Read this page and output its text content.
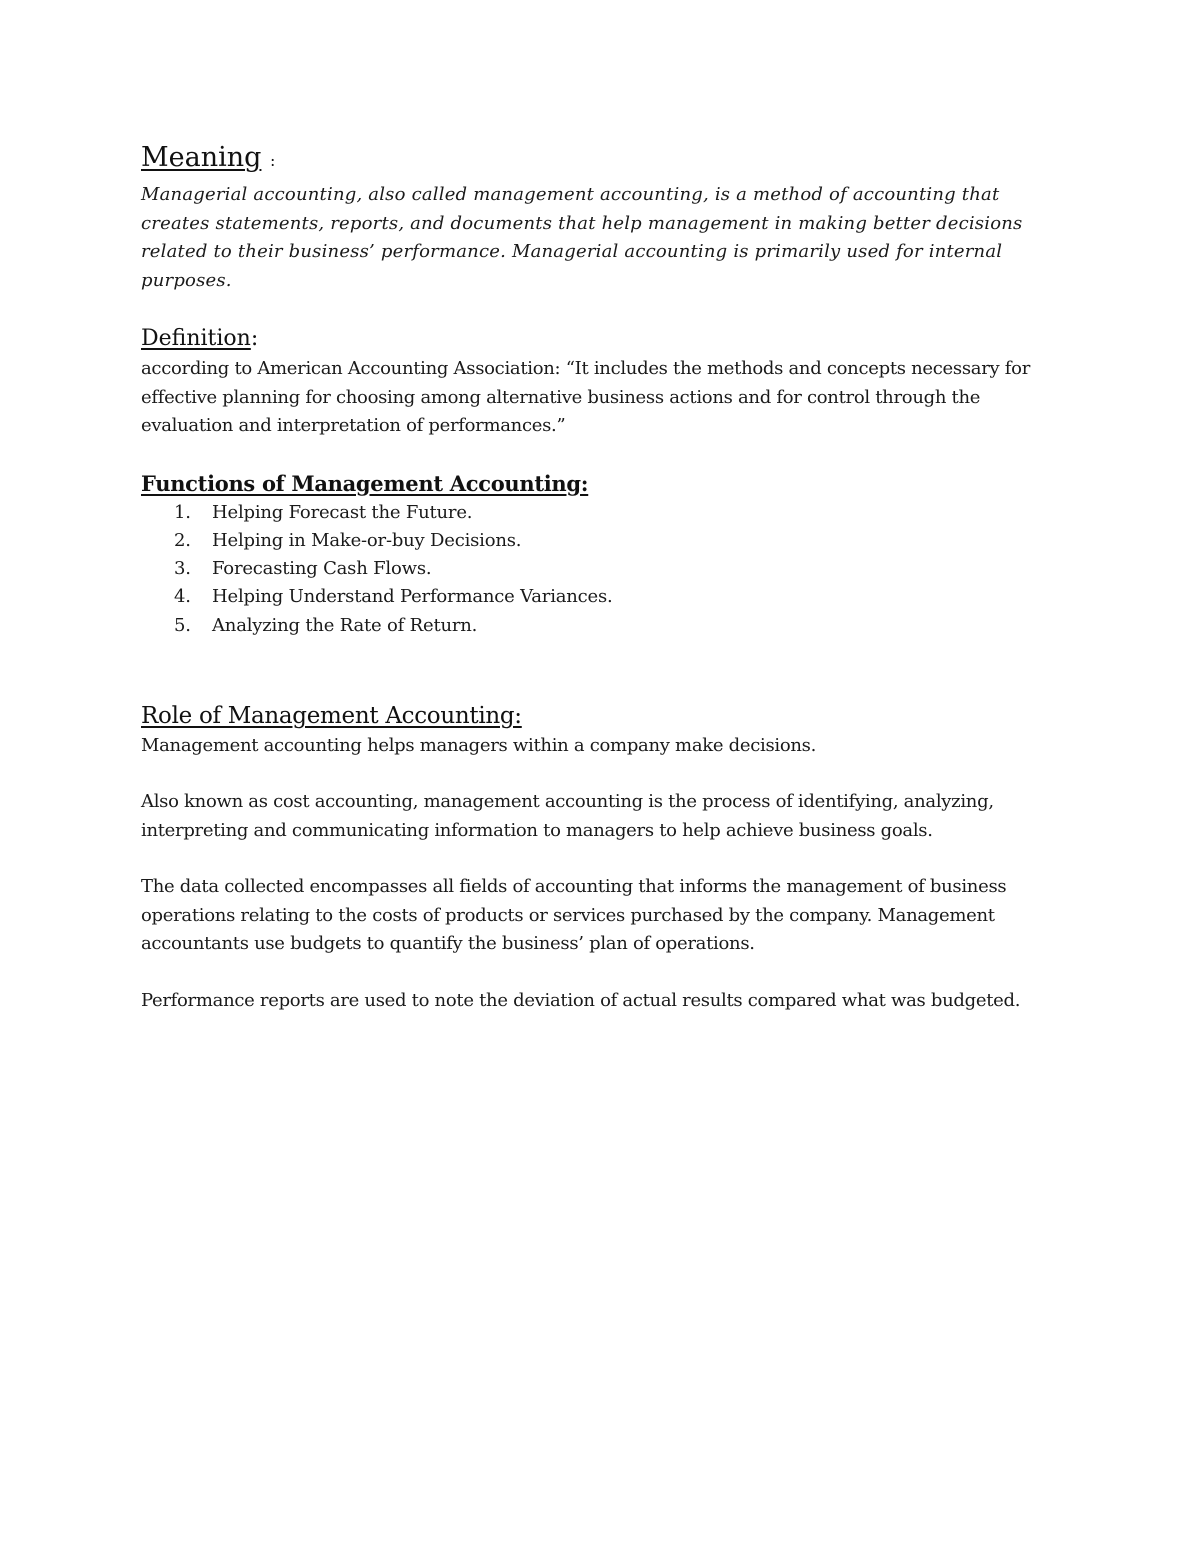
Meaning :

Managerial accounting, also called management accounting, is a method of accounting that creates statements, reports, and documents that help management in making better decisions related to their business’ performance. Managerial accounting is primarily used for internal purposes.

Definition:

according to American Accounting Association: “It includes the methods and concepts necessary for effective planning for choosing among alternative business actions and for control through the evaluation and interpretation of performances.”

Functions of Management Accounting:
1. Helping Forecast the Future.
2. Helping in Make-or-buy Decisions.
3. Forecasting Cash Flows.
4. Helping Understand Performance Variances.
5. Analyzing the Rate of Return.
Role of Management Accounting:

Management accounting helps managers within a company make decisions.

Also known as cost accounting, management accounting is the process of identifying, analyzing, interpreting and communicating information to managers to help achieve business goals.

The data collected encompasses all fields of accounting that informs the management of business operations relating to the costs of products or services purchased by the company. Management accountants use budgets to quantify the business’ plan of operations.

Performance reports are used to note the deviation of actual results compared what was budgeted.
